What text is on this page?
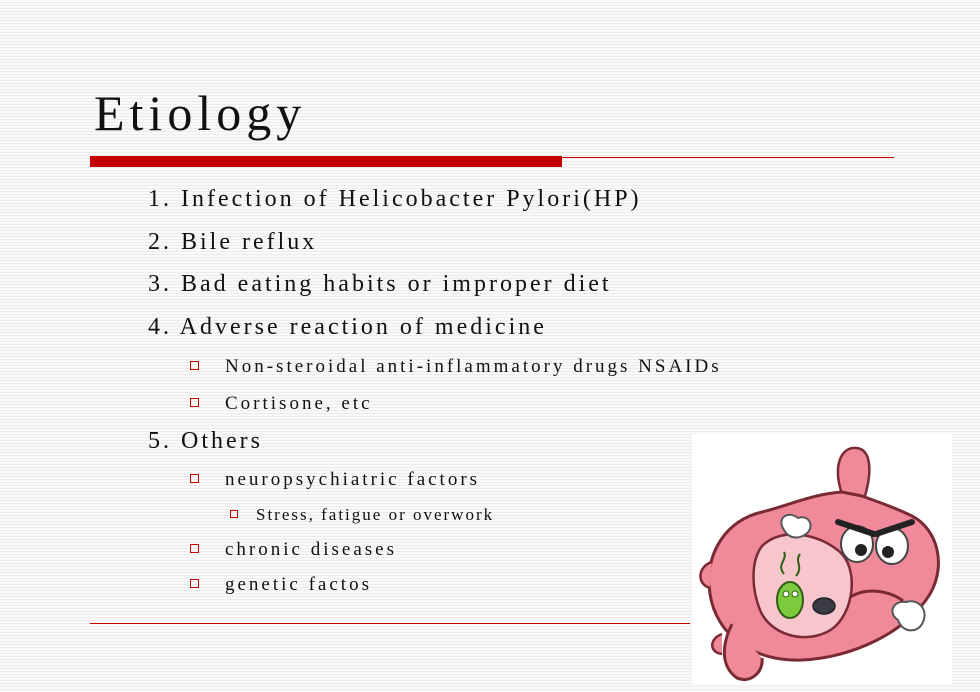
Etiology
1. Infection of Helicobacter Pylori(HP)
2. Bile reflux
3. Bad eating habits or improper diet
4. Adverse reaction of medicine
Non-steroidal anti-inflammatory drugs NSAIDs
Cortisone, etc
5. Others
neuropsychiatric factors
Stress, fatigue or overwork
chronic diseases
genetic factos
